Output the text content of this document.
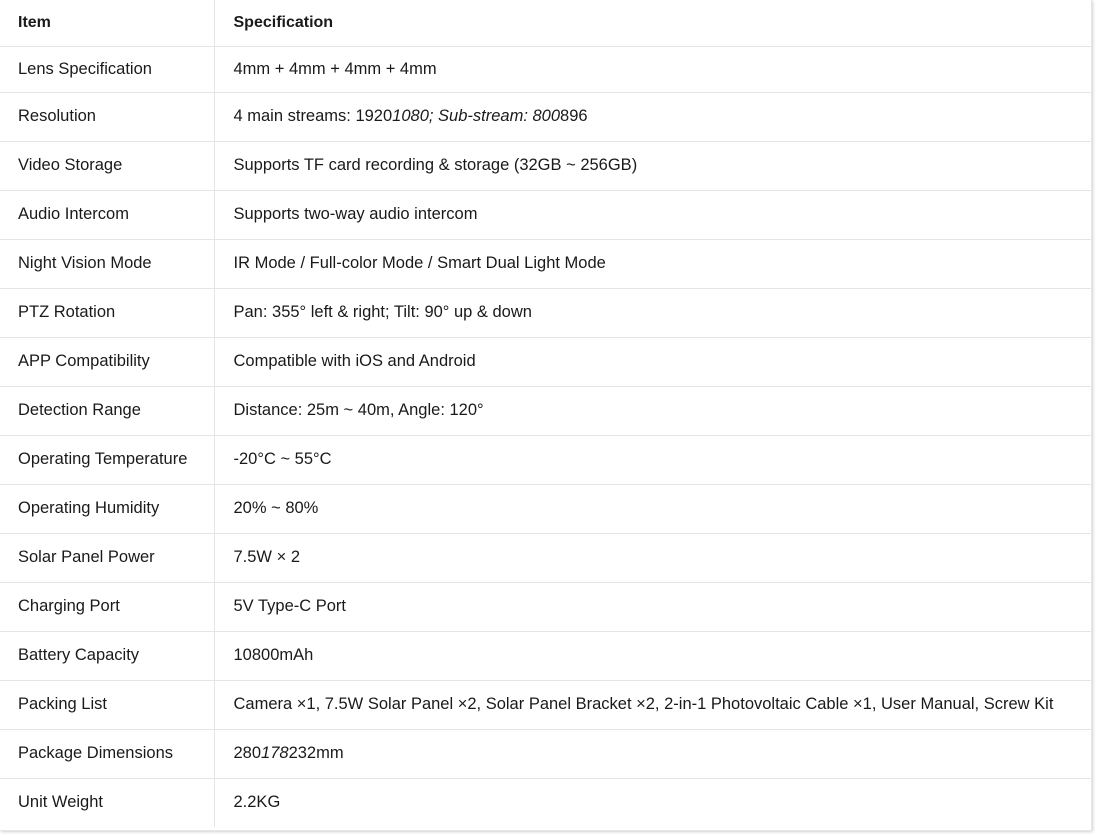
Item	Specification
Lens Specification	4mm + 4mm + 4mm + 4mm
Resolution	4 main streams: 19201080; Sub-stream: 800896
Video Storage	Supports TF card recording & storage (32GB ~ 256GB)
Audio Intercom	Supports two-way audio intercom
Night Vision Mode	IR Mode / Full-color Mode / Smart Dual Light Mode
PTZ Rotation	Pan: 355° left & right; Tilt: 90° up & down
APP Compatibility	Compatible with iOS and Android
Detection Range	Distance: 25m ~ 40m, Angle: 120°
Operating Temperature	-20°C ~ 55°C
Operating Humidity	20% ~ 80%
Solar Panel Power	7.5W × 2
Charging Port	5V Type-C Port
Battery Capacity	10800mAh
Packing List	Camera ×1, 7.5W Solar Panel ×2, Solar Panel Bracket ×2, 2-in-1 Photovoltaic Cable ×1, User Manual, Screw Kit
Package Dimensions	280178232mm
Unit Weight	2.2KG
